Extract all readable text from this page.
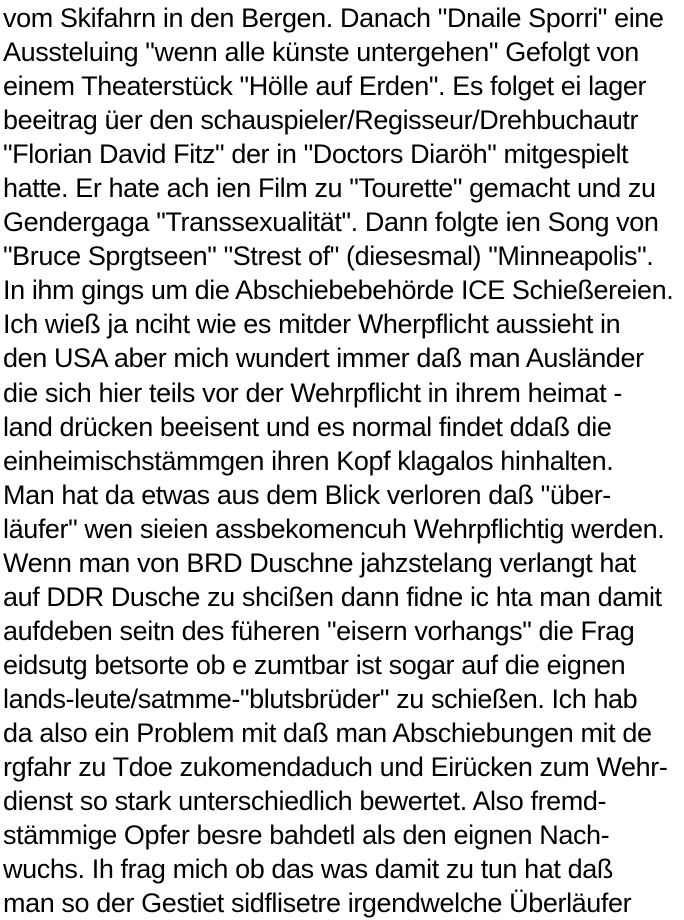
vom Skifahrn in den Bergen. Danach "Dnaile Sporri" eine
Aussteluing "wenn alle künste untergehen" Gefolgt von
einem Theaterstück "Hölle auf Erden". Es folget ei lager
beeitrag üer den schauspieler/Regisseur/Drehbuchautr
"Florian David Fitz" der in "Doctors Diaröh" mitgespielt
hatte. Er hate ach ien Film zu "Tourette" gemacht und zu
Gendergaga "Transsexualität". Dann folgte ien Song von
"Bruce Sprgtseen" "Strest of" (diesesmal) "Minneapolis".
In ihm gings um die Abschiebebehörde ICE Schießereien.
Ich wieß ja nciht wie es mitder Wherpflicht aussieht in
den USA aber mich wundert immer daß man Ausländer
die sich hier teils vor der Wehrpflicht in ihrem heimat -
land drücken beeisent und es normal findet ddaß die
einheimischstämmgen ihren Kopf klagalos hinhalten.
Man hat da etwas aus dem Blick verloren daß "über-
läufer" wen sieien assbekomencuh Wehrpflichtig werden.
Wenn man von BRD Duschne jahzstelang verlangt hat
auf DDR Dusche zu shcißen dann fidne ic hta man damit
aufdeben seitn des füheren "eisern vorhangs" die Frag
eidsutg betsorte ob e zumtbar ist sogar auf die eignen
lands-leute/satmme-"blutsbrüder" zu schießen. Ich hab
da also ein Problem mit daß man Abschiebungen mit de
rgfahr zu Tdoe zukomendaduch und Eirücken zum Wehr-
dienst so stark unterschiedlich bewertet. Also fremd-
stämmige Opfer besre bahdetl als den eignen Nach-
wuchs. Ih frag mich ob das was damit zu tun hat daß
man so der Gestiet sidflisetre irgendwelche Überläufer
